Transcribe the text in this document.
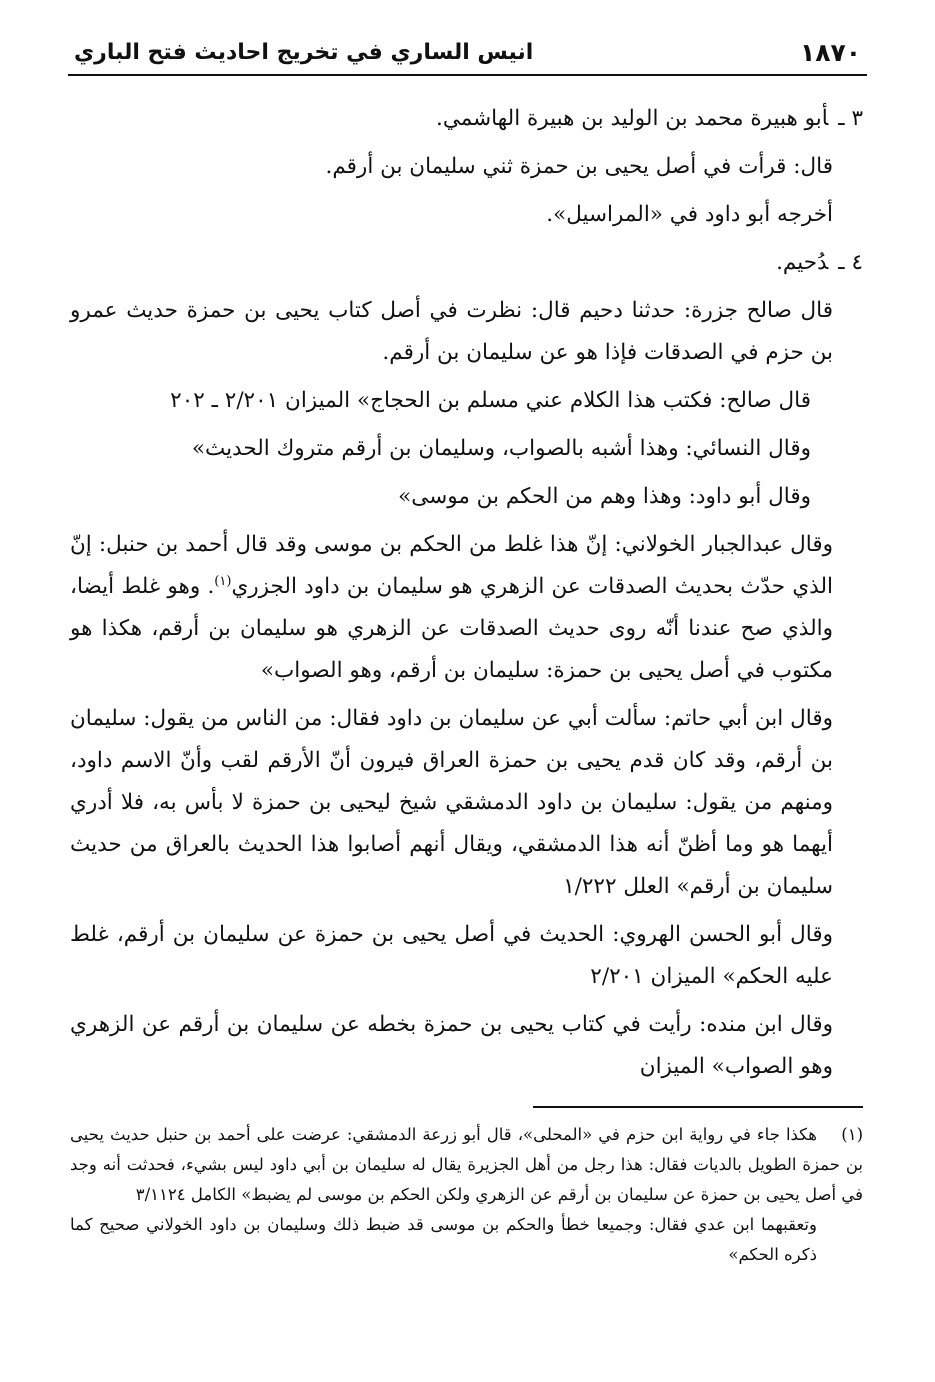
١٨٧٠
انيس الساري في تخريج احاديث فتح الباري

٣ ـأبو هبيرة محمد بن الوليد بن هبيرة الهاشمي.

قال: قرأت في أصل يحيى بن حمزة ثني سليمان بن أرقم.

أخرجه أبو داود في «المراسيل».

٤ ـدُحيم.

قال صالح جزرة: حدثنا دحيم قال: نظرت في أصل كتاب يحيى بن حمزة حديث عمرو بن حزم في الصدقات فإذا هو عن سليمان بن أرقم.

قال صالح: فكتب هذا الكلام عني مسلم بن الحجاج» الميزان ٢/٢٠١ ـ ٢٠٢

وقال النسائي: وهذا أشبه بالصواب، وسليمان بن أرقم متروك الحديث»

وقال أبو داود: وهذا وهم من الحكم بن موسى»

وقال عبدالجبار الخولاني: إنّ هذا غلط من الحكم بن موسى وقد قال أحمد بن حنبل: إنّ الذي حدّث بحديث الصدقات عن الزهري هو سليمان بن داود الجزري$^{(١)}$. وهو غلط أيضا، والذي صح عندنا أنّه روى حديث الصدقات عن الزهري هو سليمان بن أرقم، هكذا هو مكتوب في أصل يحيى بن حمزة: سليمان بن أرقم، وهو الصواب»

وقال ابن أبي حاتم: سألت أبي عن سليمان بن داود فقال: من الناس من يقول: سليمان بن أرقم، وقد كان قدم يحيى بن حمزة العراق فيرون أنّ الأرقم لقب وأنّ الاسم داود، ومنهم من يقول: سليمان بن داود الدمشقي شيخ ليحيى بن حمزة لا بأس به، فلا أدري أيهما هو وما أظنّ أنه هذا الدمشقي، ويقال أنهم أصابوا هذا الحديث بالعراق من حديث سليمان بن أرقم» العلل ١/٢٢٢

وقال أبو الحسن الهروي: الحديث في أصل يحيى بن حمزة عن سليمان بن أرقم، غلط عليه الحكم» الميزان ٢/٢٠١

وقال ابن منده: رأيت في كتاب يحيى بن حمزة بخطه عن سليمان بن أرقم عن الزهري وهو الصواب» الميزان

(١)هكذا جاء في رواية ابن حزم في «المحلى»، قال أبو زرعة الدمشقي: عرضت على أحمد بن حنبل حديث يحيى بن حمزة الطويل بالديات فقال: هذا رجل من أهل الجزيرة يقال له سليمان بن أبي داود ليس بشيء، فحدثت أنه وجد في أصل يحيى بن حمزة عن سليمان بن أرقم عن الزهري ولكن الحكم بن موسى لم يضبط» الكامل ٣/١١٢٤

وتعقبهما ابن عدي فقال: وجميعا خطأ والحكم بن موسى قد ضبط ذلك وسليمان بن داود الخولاني صحيح كما ذكره الحكم»
